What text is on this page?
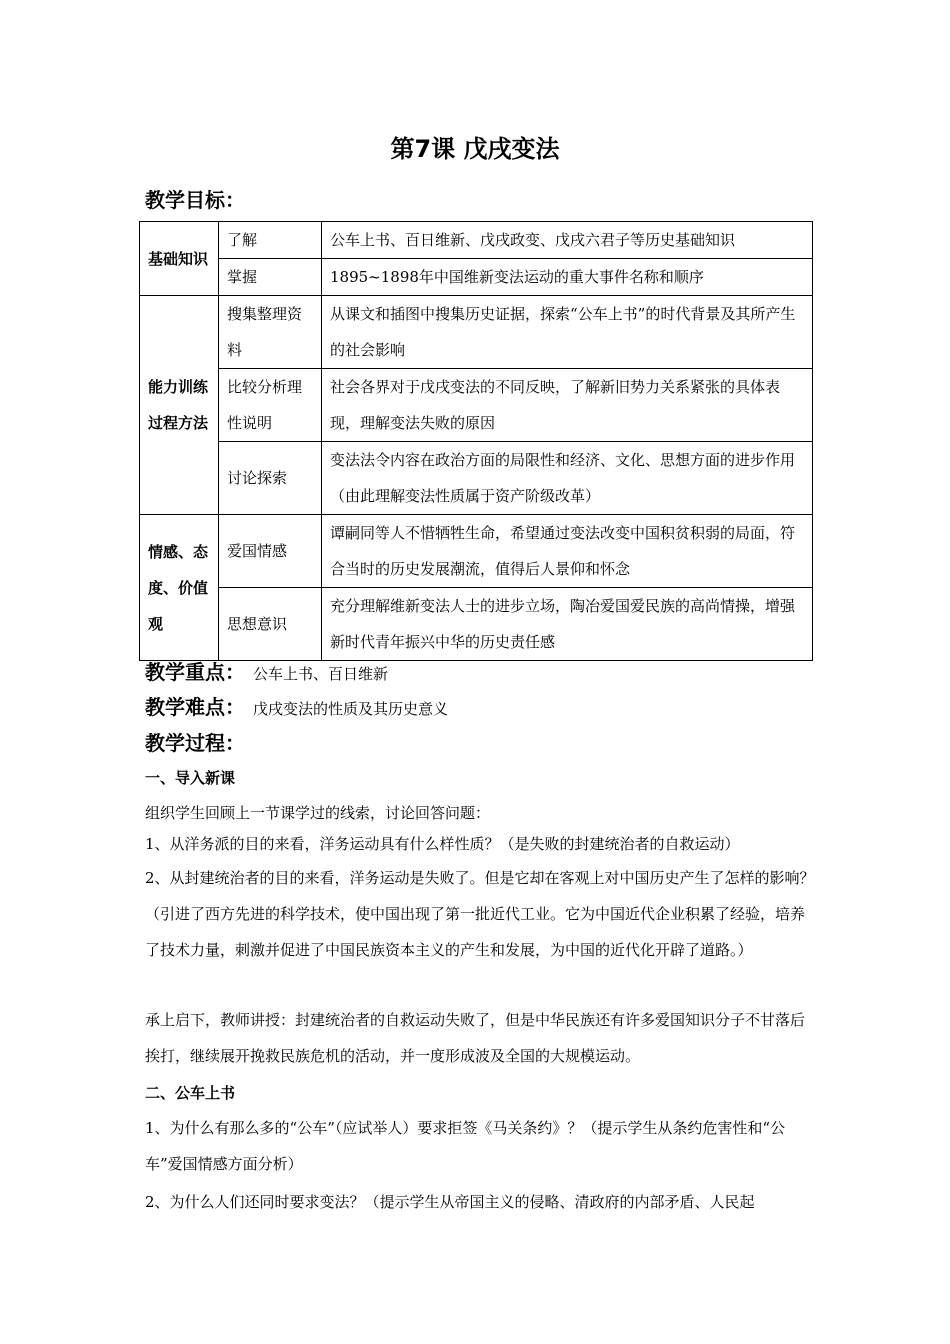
第7课 戊戌变法
教学目标：
基础知识	了解	公车上书、百日维新、戊戌政变、戊戌六君子等历史基础知识
	掌握	1895~1898年中国维新变法运动的重大事件名称和顺序
能力训练过程方法	搜集整理资料	从课文和插图中搜集历史证据，探索“公车上书”的时代背景及其所产生的社会影响
	比较分析理性说明	社会各界对于戊戌变法的不同反映，了解新旧势力关系紧张的具体表现，理解变法失败的原因
	讨论探索	变法法令内容在政治方面的局限性和经济、文化、思想方面的进步作用（由此理解变法性质属于资产阶级改革）
情感、态度、价值观	爱国情感	谭嗣同等人不惜牺牲生命，希望通过变法改变中国积贫积弱的局面，符合当时的历史发展潮流，值得后人景仰和怀念
	思想意识	充分理解维新变法人士的进步立场，陶冶爱国爱民族的高尚情操，增强新时代青年振兴中华的历史责任感
教学重点： 公车上书、百日维新
教学难点： 戊戌变法的性质及其历史意义
教学过程：
一、导入新课
组织学生回顾上一节课学过的线索，讨论回答问题：
1、从洋务派的目的来看，洋务运动具有什么样性质？（是失败的封建统治者的自救运动）
2、从封建统治者的目的来看，洋务运动是失败了。但是它却在客观上对中国历史产生了怎样的影响？（引进了西方先进的科学技术，使中国出现了第一批近代工业。它为中国近代企业积累了经验，培养了技术力量，刺激并促进了中国民族资本主义的产生和发展，为中国的近代化开辟了道路。）
承上启下，教师讲授：封建统治者的自救运动失败了，但是中华民族还有许多爱国知识分子不甘落后挨打，继续展开挽救民族危机的活动，并一度形成波及全国的大规模运动。
二、公车上书
1、为什么有那么多的“公车”（应试举人）要求拒签《马关条约》？（提示学生从条约危害性和“公车”爱国情感方面分析）
2、为什么人们还同时要求变法？（提示学生从帝国主义的侵略、清政府的内部矛盾、人民起
